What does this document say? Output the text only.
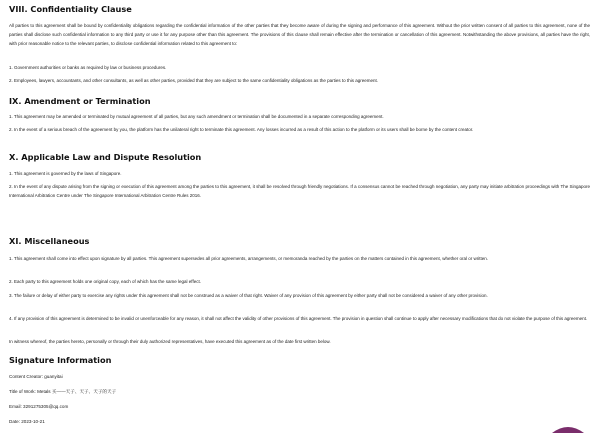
VIII. Confidentiality Clause
All parties to this agreement shall be bound by confidentiality obligations regarding the confidential information of the other parties that they become aware of during the signing and performance of this agreement. Without the prior written consent of all parties to this agreement, none of the parties shall disclose such confidential information to any third party or use it for any purpose other than this agreement. The provisions of this clause shall remain effective after the termination or cancellation of this agreement. Notwithstanding the above provisions, all parties have the right, with prior reasonable notice to the relevant parties, to disclose confidential information related to this agreement to:
1. Government authorities or banks as required by law or business procedures.
2. Employees, lawyers, accountants, and other consultants, as well as other parties, provided that they are subject to the same confidentiality obligations as the parties to this agreement.
IX. Amendment or Termination
1. This agreement may be amended or terminated by mutual agreement of all parties, but any such amendment or termination shall be documented in a separate corresponding agreement.
2. In the event of a serious breach of the agreement by you, the platform has the unilateral right to terminate this agreement. Any losses incurred as a result of this action to the platform or its users shall be borne by the content creator.
X. Applicable Law and Dispute Resolution
1. This agreement is governed by the laws of Singapore.
2. In the event of any dispute arising from the signing or execution of this agreement among the parties to this agreement, it shall be resolved through friendly negotiations. If a consensus cannot be reached through negotiation, any party may initiate arbitration proceedings with The Singapore International Arbitration Centre under The Singapore International Arbitration Centre Rules 2016.
XI. Miscellaneous
1. This agreement shall come into effect upon signature by all parties. This agreement supersedes all prior agreements, arrangements, or memoranda reached by the parties on the matters contained in this agreement, whether oral or written.
2. Each party to this agreement holds one original copy, each of which has the same legal effect.
3. The failure or delay of either party to exercise any rights under this agreement shall not be construed as a waiver of that right. Waiver of any provision of this agreement by either party shall not be considered a waiver of any other provision.
4. If any provision of this agreement is determined to be invalid or unenforceable for any reason, it shall not affect the validity of other provisions of this agreement. The provision in question shall continue to apply after necessary modifications that do not violate the purpose of this agreement.
In witness whereof, the parties hereto, personally or through their duly authorized representatives, have executed this agreement as of the date first written below.
Signature Information
Content Creator: guanyitai
Title of Work: Metals 买——天子、天子、天子的天子
Email: 3291275305@qq.com
Date: 2023-10-21
